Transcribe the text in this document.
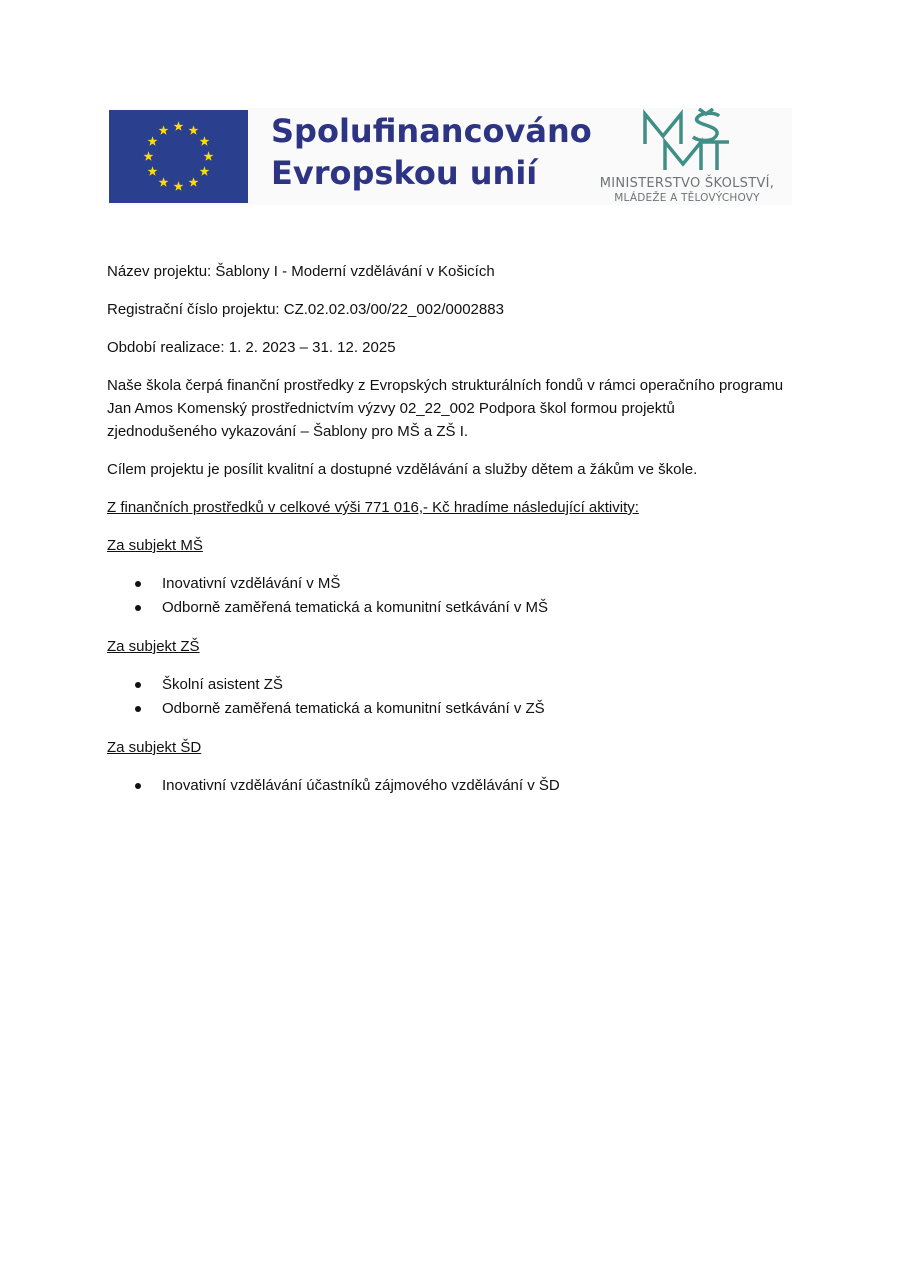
Spolufinancováno
Evropskou unií	MINISTERSTVO ŠKOLSTVÍ,
MLÁDEŽE A TĚLOVÝCHOVY

Název projektu: Šablony I - Moderní vzdělávání v Košicích

Registrační číslo projektu: CZ.02.02.03/00/22_002/0002883

Období realizace: 1. 2. 2023 – 31. 12. 2025

Naše škola čerpá finanční prostředky z Evropských strukturálních fondů v rámci operačního programu
Jan Amos Komenský prostřednictvím výzvy 02_22_002 Podpora škol formou projektů
zjednodušeného vykazování – Šablony pro MŠ a ZŠ I.

Cílem projektu je posílit kvalitní a dostupné vzdělávání a služby dětem a žákům ve škole.

Z finančních prostředků v celkové výši 771 016,- Kč hradíme následující aktivity:

Za subjekt MŠ
Inovativní vzdělávání v MŠ
Odborně zaměřená tematická a komunitní setkávání v MŠ
Za subjekt ZŠ
Školní asistent ZŠ
Odborně zaměřená tematická a komunitní setkávání v ZŠ
Za subjekt ŠD
Inovativní vzdělávání účastníků zájmového vzdělávání v ŠD
